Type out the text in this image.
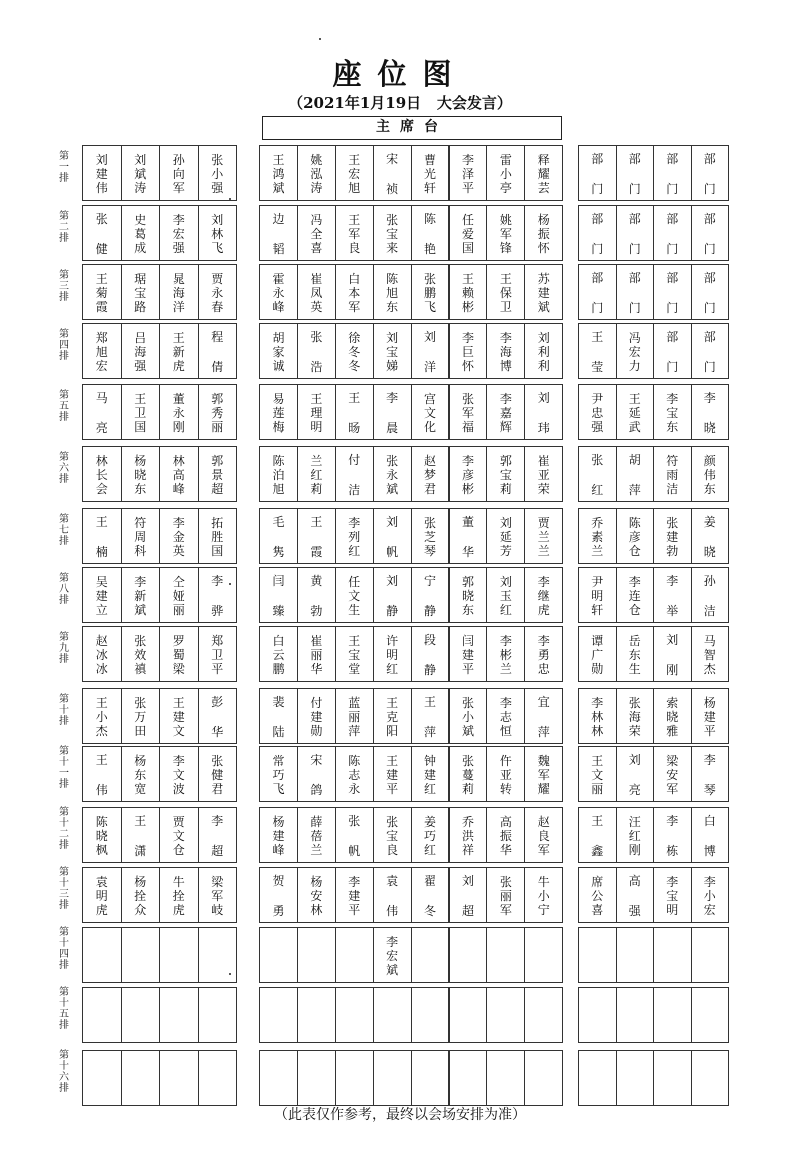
座位图
（2021年1月19日   大会发言）
主席台
第
一
排
刘
建
伟
刘
斌
涛
孙
向
军
张
小
强
王
鸿
斌
姚
泓
涛
王
宏
旭
宋
祯
曹
光
轩
李
泽
平
雷
小
亭
释
耀
芸
部
门
部
门
部
门
部
门
第
二
排
张
健
史
葛
成
李
宏
强
刘
林
飞
边
韬
冯
全
喜
王
军
良
张
宝
来
陈
艳
任
爱
国
姚
军
锋
杨
振
怀
部
门
部
门
部
门
部
门
第
三
排
王
菊
霞
琚
宝
路
晁
海
洋
贾
永
春
霍
永
峰
崔
凤
英
白
本
军
陈
旭
东
张
鹏
飞
王
赖
彬
王
保
卫
苏
建
斌
部
门
部
门
部
门
部
门
第
四
排
郑
旭
宏
吕
海
强
王
新
虎
程
倩
胡
家
诚
张
浩
徐
冬
冬
刘
宝
娣
刘
洋
李
巨
怀
李
海
博
刘
利
利
王
莹
冯
宏
力
部
门
部
门
第
五
排
马
亮
王
卫
国
董
永
刚
郭
秀
丽
易
莲
梅
王
理
明
王
旸
李
晨
宫
文
化
张
军
福
李
嘉
辉
刘
玮
尹
忠
强
王
延
武
李
宝
东
李
晓
第
六
排
林
长
会
杨
晓
东
林
高
峰
郭
景
超
陈
泊
旭
兰
红
莉
付
洁
张
永
斌
赵
梦
君
李
彦
彬
郭
宝
莉
崔
亚
荣
张
红
胡
萍
符
雨
洁
颜
伟
东
第
七
排
王
楠
符
周
科
李
金
英
拓
胜
国
毛
隽
王
霞
李
列
红
刘
帆
张
芝
琴
董
华
刘
延
芳
贾
兰
兰
乔
素
兰
陈
彦
仓
张
建
勃
姜
晓
第
八
排
吴
建
立
李
新
斌
仝
娅
丽
李
骅
闫
臻
黄
勃
任
文
生
刘
静
宁
静
郭
晓
东
刘
玉
红
李
继
虎
尹
明
轩
李
连
仓
李
举
孙
洁
第
九
排
赵
冰
冰
张
效
禛
罗
蜀
梁
郑
卫
平
白
云
鹏
崔
丽
华
王
宝
堂
许
明
红
段
静
闫
建
平
李
彬
兰
李
勇
忠
谭
广
勋
岳
东
生
刘
刚
马
智
杰
第
十
排
王
小
杰
张
万
田
王
建
文
彭
华
裴
陆
付
建
勋
蓝
丽
萍
王
克
阳
王
萍
张
小
斌
李
志
恒
宜
萍
李
林
林
张
海
荣
索
晓
雅
杨
建
平
第
十
一
排
王
伟
杨
东
宽
李
文
波
张
健
君
常
巧
飞
宋
鸽
陈
志
永
王
建
平
钟
建
红
张
蔓
莉
仵
亚
转
魏
军
耀
王
文
丽
刘
亮
梁
安
军
李
琴
第
十
二
排
陈
晓
枫
王
潇
贾
文
仓
李
超
杨
建
峰
薛
蓓
兰
张
帆
张
宝
良
姜
巧
红
乔
洪
祥
高
振
华
赵
良
军
王
鑫
汪
红
刚
李
栋
白
博
第
十
三
排
袁
明
虎
杨
拴
众
牛
拴
虎
梁
军
岐
贺
勇
杨
安
林
李
建
平
袁
伟
翟
冬
刘
超
张
丽
军
牛
小
宁
席
公
喜
高
强
李
宝
明
李
小
宏
第
十
四
排
李
宏
斌
第
十
五
排
第
十
六
排
（此表仅作参考，最终以会场安排为准）
